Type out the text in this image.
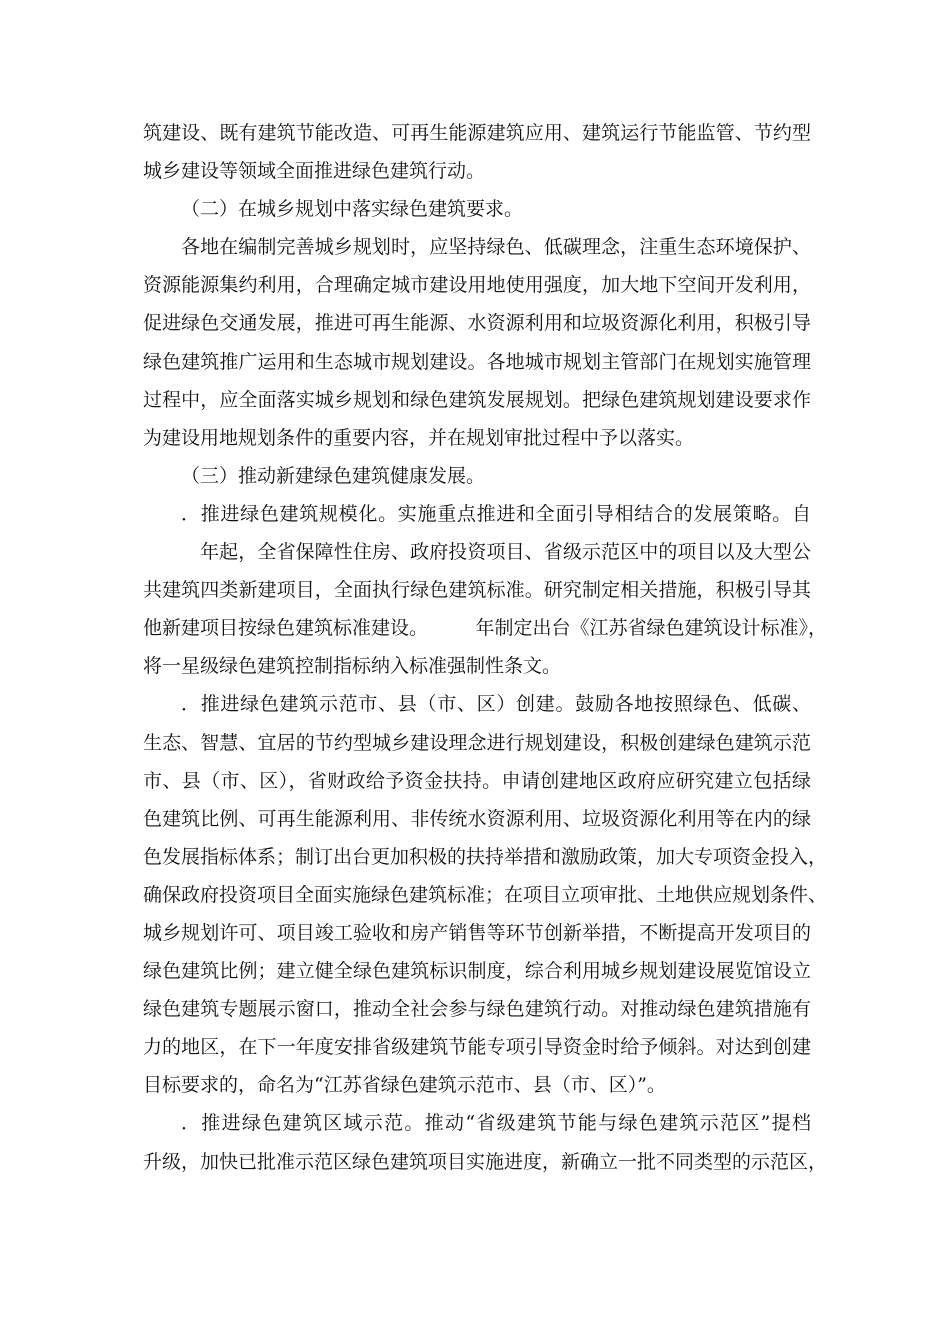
筑建设、既有建筑节能改造、可再生能源建筑应用、建筑运行节能监管、节约型
城乡建设等领域全面推进绿色建筑行动。
（二）在城乡规划中落实绿色建筑要求。
各地在编制完善城乡规划时，应坚持绿色、低碳理念，注重生态环境保护、
资源能源集约利用，合理确定城市建设用地使用强度，加大地下空间开发利用，
促进绿色交通发展，推进可再生能源、水资源利用和垃圾资源化利用，积极引导
绿色建筑推广运用和生态城市规划建设。各地城市规划主管部门在规划实施管理
过程中，应全面落实城乡规划和绿色建筑发展规划。把绿色建筑规划建设要求作
为建设用地规划条件的重要内容，并在规划审批过程中予以落实。
（三）推动新建绿色建筑健康发展。
．推进绿色建筑规模化。实施重点推进和全面引导相结合的发展策略。自
　年起，全省保障性住房、政府投资项目、省级示范区中的项目以及大型公
共建筑四类新建项目，全面执行绿色建筑标准。研究制定相关措施，积极引导其
他新建项目按绿色建筑标准建设。　　　年制定出台《江苏省绿色建筑设计标准》，
将一星级绿色建筑控制指标纳入标准强制性条文。
．推进绿色建筑示范市、县（市、区）创建。鼓励各地按照绿色、低碳、
生态、智慧、宜居的节约型城乡建设理念进行规划建设，积极创建绿色建筑示范
市、县（市、区），省财政给予资金扶持。申请创建地区政府应研究建立包括绿
色建筑比例、可再生能源利用、非传统水资源利用、垃圾资源化利用等在内的绿
色发展指标体系；制订出台更加积极的扶持举措和激励政策，加大专项资金投入，
确保政府投资项目全面实施绿色建筑标准；在项目立项审批、土地供应规划条件、
城乡规划许可、项目竣工验收和房产销售等环节创新举措，不断提高开发项目的
绿色建筑比例；建立健全绿色建筑标识制度，综合利用城乡规划建设展览馆设立
绿色建筑专题展示窗口，推动全社会参与绿色建筑行动。对推动绿色建筑措施有
力的地区，在下一年度安排省级建筑节能专项引导资金时给予倾斜。对达到创建
目标要求的，命名为“江苏省绿色建筑示范市、县（市、区）”。
．推进绿色建筑区域示范。推动“省级建筑节能与绿色建筑示范区”提档
升级，加快已批准示范区绿色建筑项目实施进度，新确立一批不同类型的示范区，
